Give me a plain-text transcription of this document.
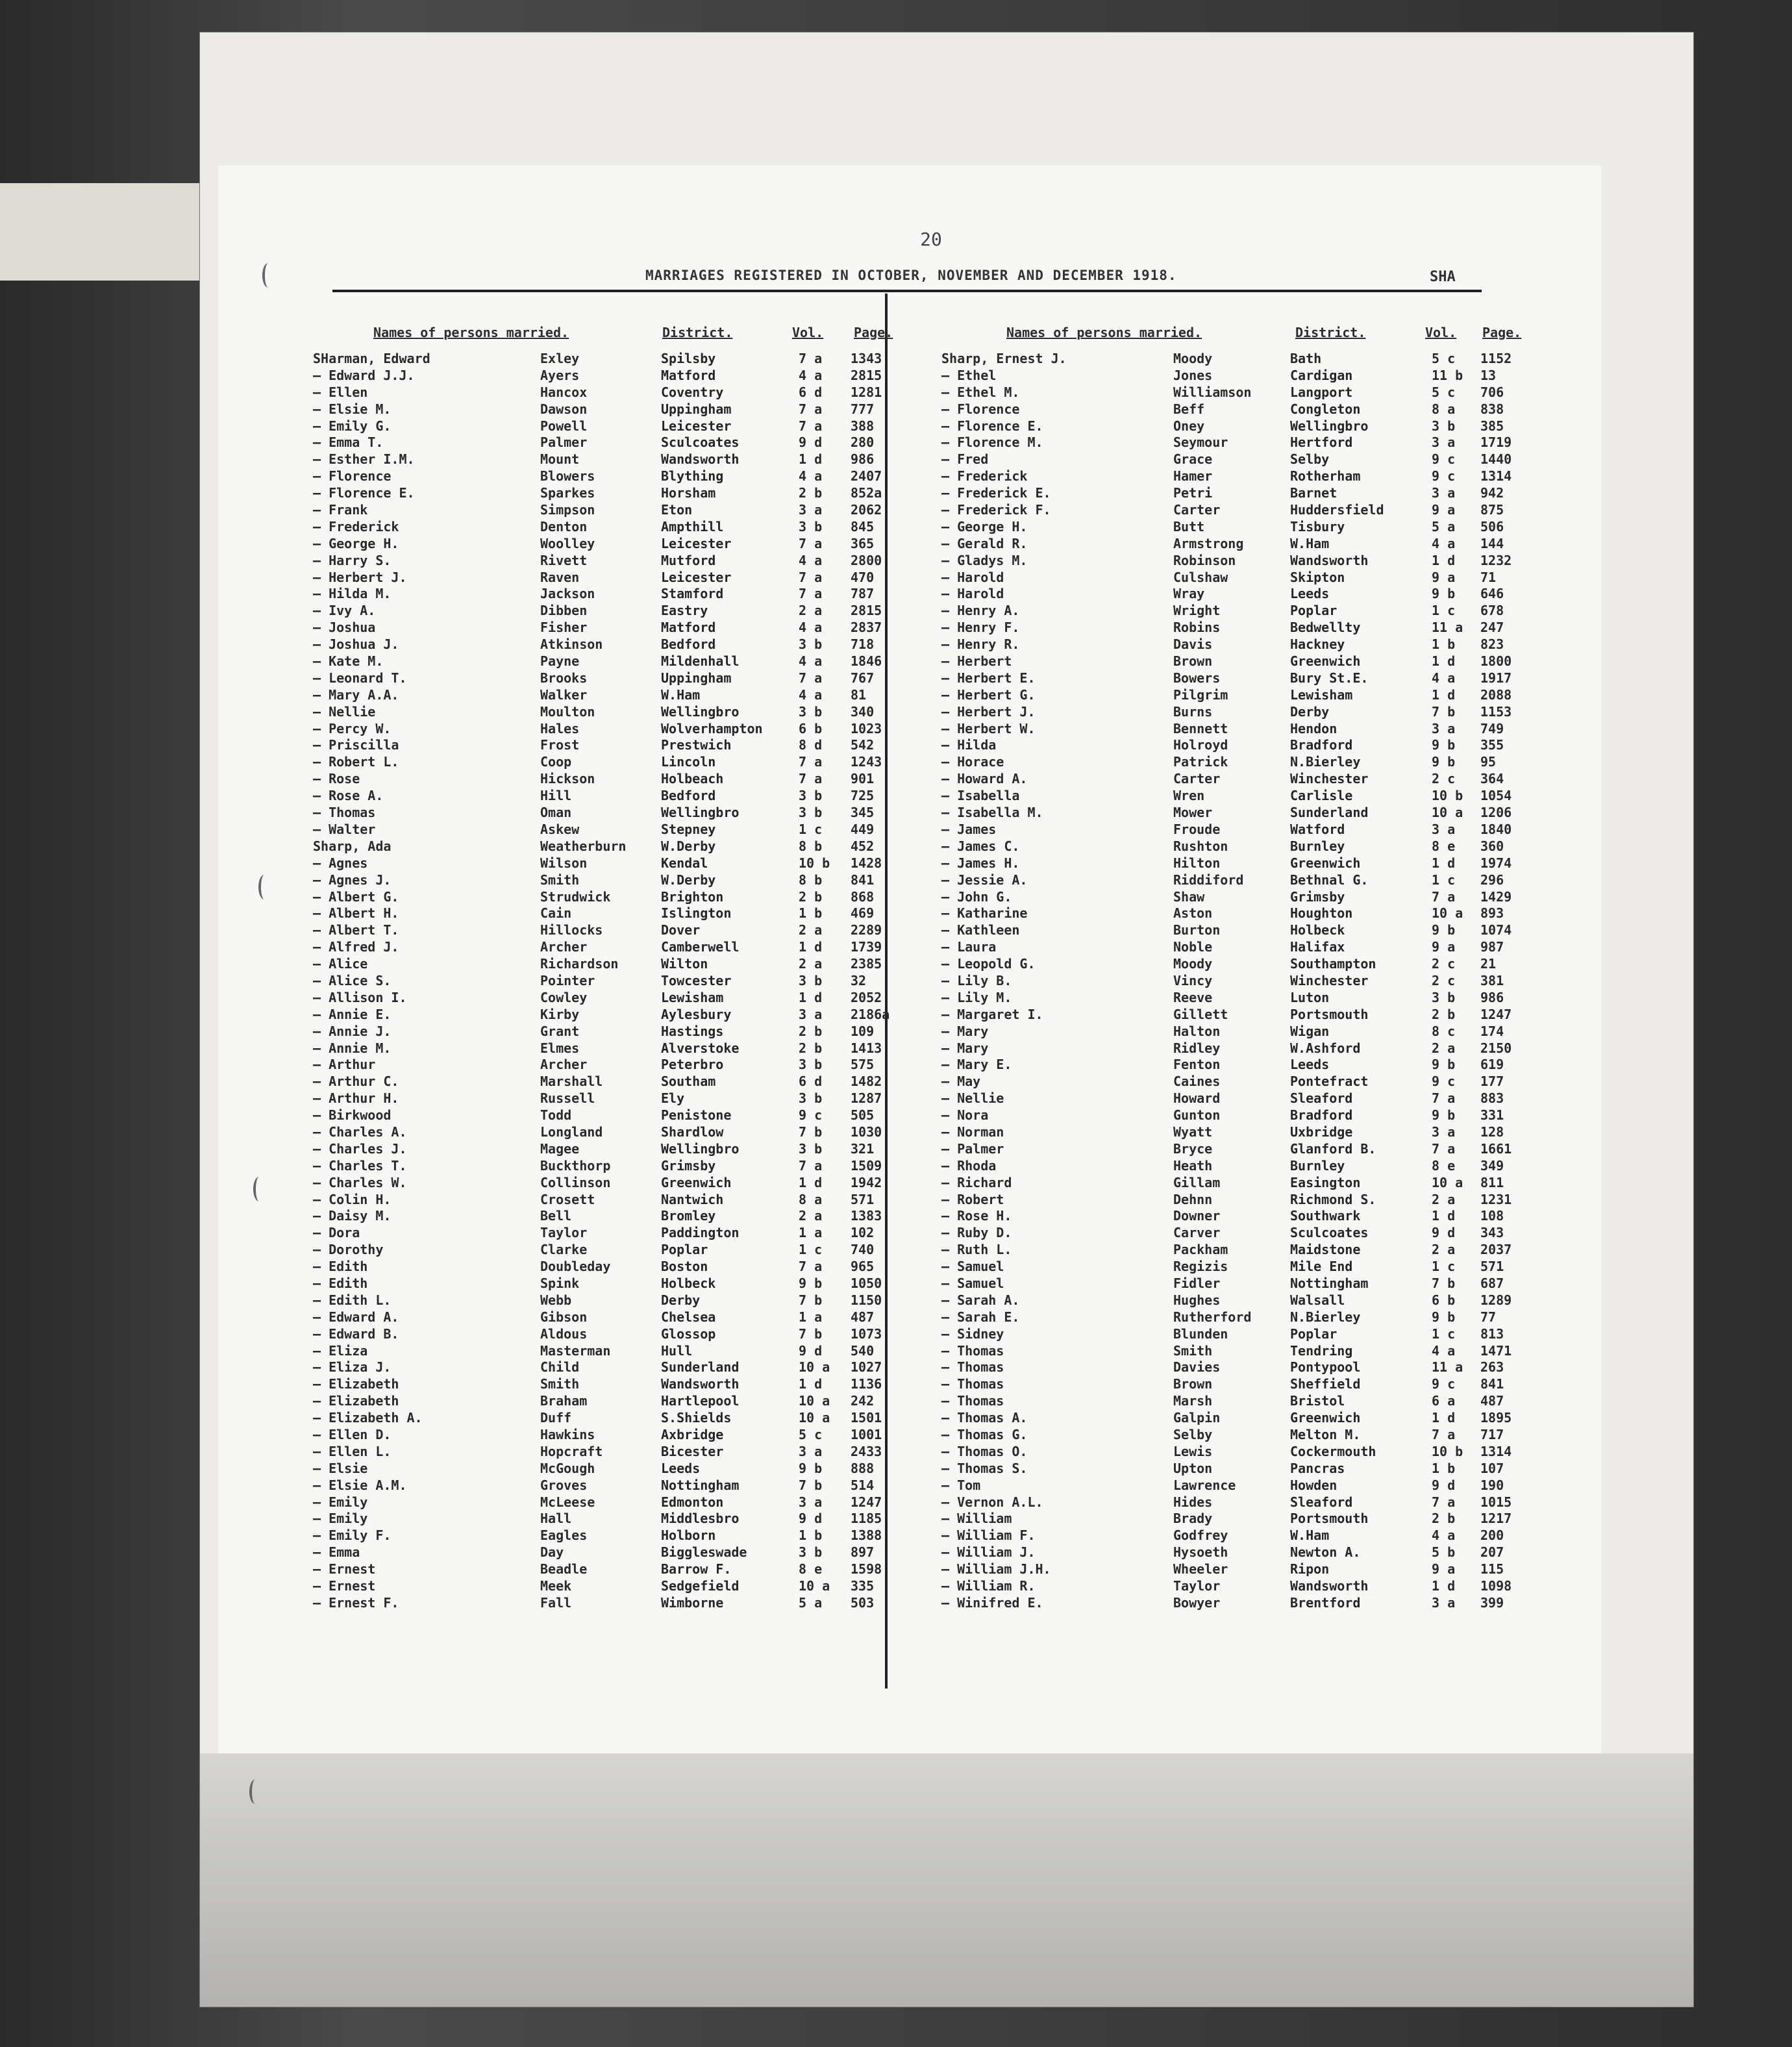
20
MARRIAGES REGISTERED IN OCTOBER, NOVEMBER AND DECEMBER 1918.	SHA
Names of persons married.	District.	Vol. Page.
SHarman, Edward	Exley	Spilsby	7 a 1343
— Edward J.J.	Ayers	Matford	4 a 2815
— Ellen	Hancox	Coventry	6 d 1281
— Elsie M.	Dawson	Uppingham	7 a 777
— Emily G.	Powell	Leicester	7 a 388
— Emma T.	Palmer	Sculcoates	9 d 280
— Esther I.M.	Mount	Wandsworth	1 d 986
— Florence	Blowers	Blything	4 a 2407
— Florence E.	Sparkes	Horsham	2 b 852a
— Frank	Simpson	Eton	3 a 2062
— Frederick	Denton	Ampthill	3 b 845
— George H.	Woolley	Leicester	7 a 365
— Harry S.	Rivett	Mutford	4 a 2800
— Herbert J.	Raven	Leicester	7 a 470
— Hilda M.	Jackson	Stamford	7 a 787
— Ivy A.	Dibben	Eastry	2 a 2815
— Joshua	Fisher	Matford	4 a 2837
— Joshua J.	Atkinson	Bedford	3 b 718
— Kate M.	Payne	Mildenhall	4 a 1846
— Leonard T.	Brooks	Uppingham	7 a 767
— Mary A.A.	Walker	W.Ham	4 a 81
— Nellie	Moulton	Wellingbro	3 b 340
— Percy W.	Hales	Wolverhampton	6 b 1023
— Priscilla	Frost	Prestwich	8 d 542
— Robert L.	Coop	Lincoln	7 a 1243
— Rose	Hickson	Holbeach	7 a 901
— Rose A.	Hill	Bedford	3 b 725
— Thomas	Oman	Wellingbro	3 b 345
— Walter	Askew	Stepney	1 c 449
Sharp, Ada	Weatherburn	W.Derby	8 b 452
— Agnes	Wilson	Kendal	10 b 1428
— Agnes J.	Smith	W.Derby	8 b 841
— Albert G.	Strudwick	Brighton	2 b 868
— Albert H.	Cain	Islington	1 b 469
— Albert T.	Hillocks	Dover	2 a 2289
— Alfred J.	Archer	Camberwell	1 d 1739
— Alice	Richardson	Wilton	2 a 2385
— Alice S.	Pointer	Towcester	3 b 32
— Allison I.	Cowley	Lewisham	1 d 2052
— Annie E.	Kirby	Aylesbury	3 a 2186a
— Annie J.	Grant	Hastings	2 b 109
— Annie M.	Elmes	Alverstoke	2 b 1413
— Arthur	Archer	Peterbro	3 b 575
— Arthur C.	Marshall	Southam	6 d 1482
— Arthur H.	Russell	Ely	3 b 1287
— Birkwood	Todd	Penistone	9 c 505
— Charles A.	Longland	Shardlow	7 b 1030
— Charles J.	Magee	Wellingbro	3 b 321
— Charles T.	Buckthorp	Grimsby	7 a 1509
— Charles W.	Collinson	Greenwich	1 d 1942
— Colin H.	Crosett	Nantwich	8 a 571
— Daisy M.	Bell	Bromley	2 a 1383
— Dora	Taylor	Paddington	1 a 102
— Dorothy	Clarke	Poplar	1 c 740
— Edith	Doubleday	Boston	7 a 965
— Edith	Spink	Holbeck	9 b 1050
— Edith L.	Webb	Derby	7 b 1150
— Edward A.	Gibson	Chelsea	1 a 487
— Edward B.	Aldous	Glossop	7 b 1073
— Eliza	Masterman	Hull	9 d 540
— Eliza J.	Child	Sunderland	10 a 1027
— Elizabeth	Smith	Wandsworth	1 d 1136
— Elizabeth	Braham	Hartlepool	10 a 242
— Elizabeth A.	Duff	S.Shields	10 a 1501
— Ellen D.	Hawkins	Axbridge	5 c 1001
— Ellen L.	Hopcraft	Bicester	3 a 2433
— Elsie	McGough	Leeds	9 b 888
— Elsie A.M.	Groves	Nottingham	7 b 514
— Emily	McLeese	Edmonton	3 a 1247
— Emily	Hall	Middlesbro	9 d 1185
— Emily F.	Eagles	Holborn	1 b 1388
— Emma	Day	Biggleswade	3 b 897
— Ernest	Beadle	Barrow F.	8 e 1598
— Ernest	Meek	Sedgefield	10 a 335
— Ernest F.	Fall	Wimborne	5 a 503
Names of persons married.	District.	Vol. Page.
Sharp, Ernest J.	Moody	Bath	5 c 1152
— Ethel	Jones	Cardigan	11 b 13
— Ethel M.	Williamson	Langport	5 c 706
— Florence	Beff	Congleton	8 a 838
— Florence E.	Oney	Wellingbro	3 b 385
— Florence M.	Seymour	Hertford	3 a 1719
— Fred	Grace	Selby	9 c 1440
— Frederick	Hamer	Rotherham	9 c 1314
— Frederick E.	Petri	Barnet	3 a 942
— Frederick F.	Carter	Huddersfield	9 a 875
— George H.	Butt	Tisbury	5 a 506
— Gerald R.	Armstrong	W.Ham	4 a 144
— Gladys M.	Robinson	Wandsworth	1 d 1232
— Harold	Culshaw	Skipton	9 a 71
— Harold	Wray	Leeds	9 b 646
— Henry A.	Wright	Poplar	1 c 678
— Henry F.	Robins	Bedwellty	11 a 247
— Henry R.	Davis	Hackney	1 b 823
— Herbert	Brown	Greenwich	1 d 1800
— Herbert E.	Bowers	Bury St.E.	4 a 1917
— Herbert G.	Pilgrim	Lewisham	1 d 2088
— Herbert J.	Burns	Derby	7 b 1153
— Herbert W.	Bennett	Hendon	3 a 749
— Hilda	Holroyd	Bradford	9 b 355
— Horace	Patrick	N.Bierley	9 b 95
— Howard A.	Carter	Winchester	2 c 364
— Isabella	Wren	Carlisle	10 b 1054
— Isabella M.	Mower	Sunderland	10 a 1206
— James	Froude	Watford	3 a 1840
— James C.	Rushton	Burnley	8 e 360
— James H.	Hilton	Greenwich	1 d 1974
— Jessie A.	Riddiford	Bethnal G.	1 c 296
— John G.	Shaw	Grimsby	7 a 1429
— Katharine	Aston	Houghton	10 a 893
— Kathleen	Burton	Holbeck	9 b 1074
— Laura	Noble	Halifax	9 a 987
— Leopold G.	Moody	Southampton	2 c 21
— Lily B.	Vincy	Winchester	2 c 381
— Lily M.	Reeve	Luton	3 b 986
— Margaret I.	Gillett	Portsmouth	2 b 1247
— Mary	Halton	Wigan	8 c 174
— Mary	Ridley	W.Ashford	2 a 2150
— Mary E.	Fenton	Leeds	9 b 619
— May	Caines	Pontefract	9 c 177
— Nellie	Howard	Sleaford	7 a 883
— Nora	Gunton	Bradford	9 b 331
— Norman	Wyatt	Uxbridge	3 a 128
— Palmer	Bryce	Glanford B.	7 a 1661
— Rhoda	Heath	Burnley	8 e 349
— Richard	Gillam	Easington	10 a 811
— Robert	Dehnn	Richmond S.	2 a 1231
— Rose H.	Downer	Southwark	1 d 108
— Ruby D.	Carver	Sculcoates	9 d 343
— Ruth L.	Packham	Maidstone	2 a 2037
— Samuel	Regizis	Mile End	1 c 571
— Samuel	Fidler	Nottingham	7 b 687
— Sarah A.	Hughes	Walsall	6 b 1289
— Sarah E.	Rutherford	N.Bierley	9 b 77
— Sidney	Blunden	Poplar	1 c 813
— Thomas	Smith	Tendring	4 a 1471
— Thomas	Davies	Pontypool	11 a 263
— Thomas	Brown	Sheffield	9 c 841
— Thomas	Marsh	Bristol	6 a 487
— Thomas A.	Galpin	Greenwich	1 d 1895
— Thomas G.	Selby	Melton M.	7 a 717
— Thomas O.	Lewis	Cockermouth	10 b 1314
— Thomas S.	Upton	Pancras	1 b 107
— Tom	Lawrence	Howden	9 d 190
— Vernon A.L.	Hides	Sleaford	7 a 1015
— William	Brady	Portsmouth	2 b 1217
— William F.	Godfrey	W.Ham	4 a 200
— William J.	Hysoeth	Newton A.	5 b 207
— William J.H.	Wheeler	Ripon	9 a 115
— William R.	Taylor	Wandsworth	1 d 1098
— Winifred E.	Bowyer	Brentford	3 a 399
